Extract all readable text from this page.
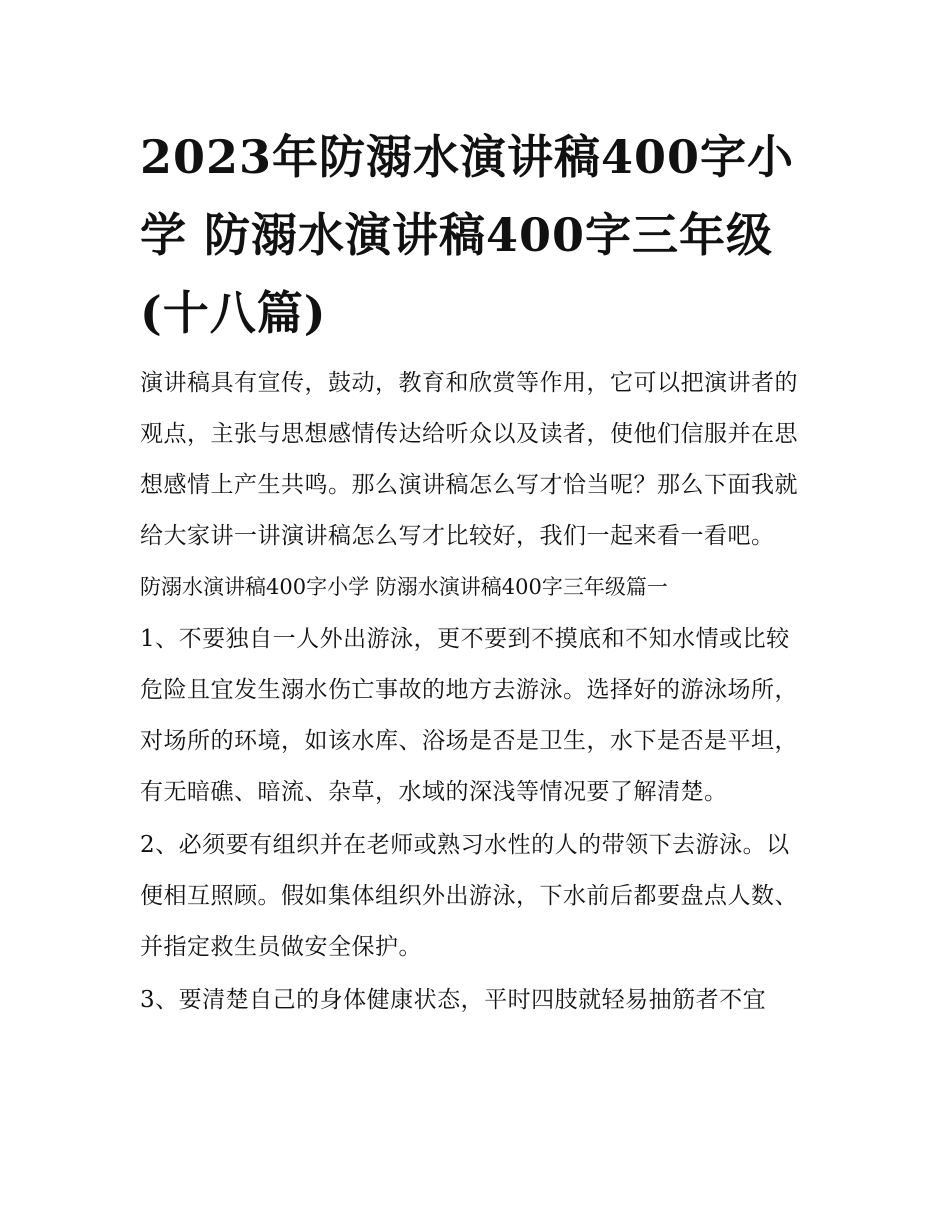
2023年防溺水演讲稿400字小学 防溺水演讲稿400字三年级(十八篇)

演讲稿具有宣传，鼓动，教育和欣赏等作用，它可以把演讲者的观点，主张与思想感情传达给听众以及读者，使他们信服并在思想感情上产生共鸣。那么演讲稿怎么写才恰当呢？那么下面我就给大家讲一讲演讲稿怎么写才比较好，我们一起来看一看吧。

防溺水演讲稿400字小学 防溺水演讲稿400字三年级篇一

1、不要独自一人外出游泳，更不要到不摸底和不知水情或比较危险且宜发生溺水伤亡事故的地方去游泳。选择好的游泳场所，对场所的环境，如该水库、浴场是否是卫生，水下是否是平坦，有无暗礁、暗流、杂草，水域的深浅等情况要了解清楚。

2、必须要有组织并在老师或熟习水性的人的带领下去游泳。以便相互照顾。假如集体组织外出游泳，下水前后都要盘点人数、并指定救生员做安全保护。

3、要清楚自己的身体健康状态，平时四肢就轻易抽筋者不宜
